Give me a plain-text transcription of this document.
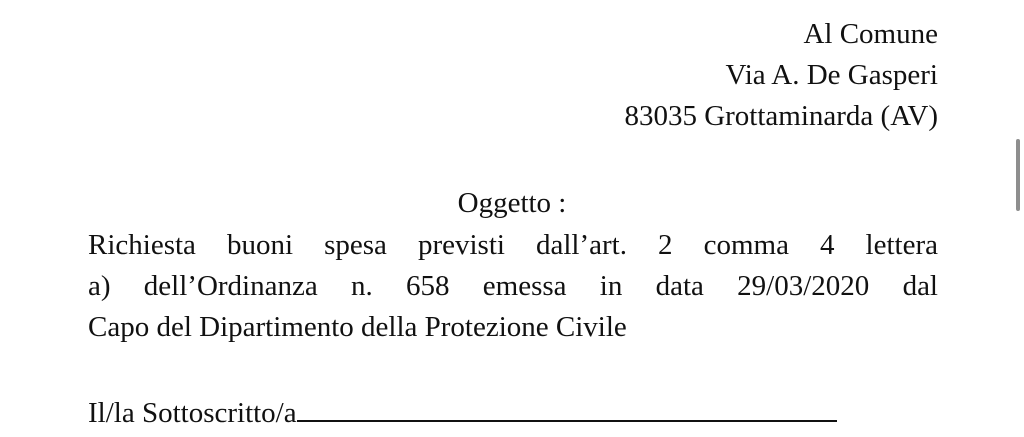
Al Comune
Via A. De Gasperi
83035 Grottaminarda (AV)
Oggetto :
Richiesta buoni spesa previsti dall’art. 2 comma 4 lettera
a) dell’Ordinanza n. 658 emessa in data 29/03/2020 dal
Capo del Dipartimento della Protezione Civile
Il/la Sottoscritto/a
